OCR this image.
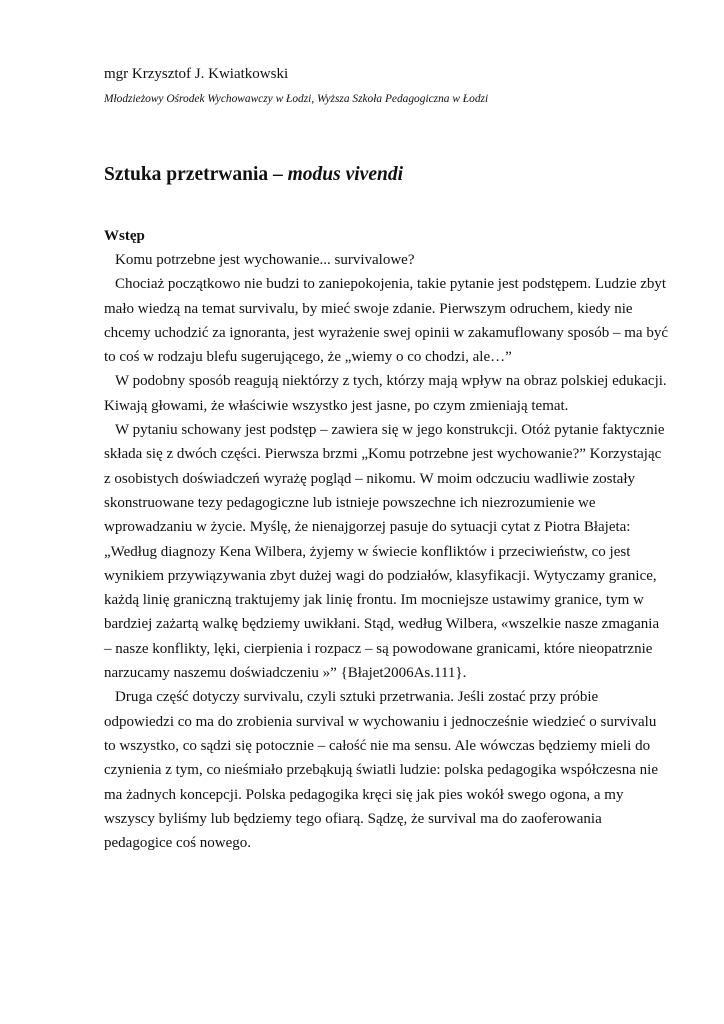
mgr Krzysztof J. Kwiatkowski

Młodzieżowy Ośrodek Wychowawczy w Łodzi, Wyższa Szkoła Pedagogiczna w Łodzi

Sztuka przetrwania – modus vivendi
Wstęp

Komu potrzebne jest wychowanie... survivalowe?

Chociaż początkowo nie budzi to zaniepokojenia, takie pytanie jest podstępem. Ludzie zbyt
mało wiedzą na temat survivalu, by mieć swoje zdanie. Pierwszym odruchem, kiedy nie
chcemy uchodzić za ignoranta, jest wyrażenie swej opinii w zakamuflowany sposób – ma być
to coś w rodzaju blefu sugerującego, że „wiemy o co chodzi, ale…”

W podobny sposób reagują niektórzy z tych, którzy mają wpływ na obraz polskiej edukacji.
Kiwają głowami, że właściwie wszystko jest jasne, po czym zmieniają temat.

W pytaniu schowany jest podstęp – zawiera się w jego konstrukcji. Otóż pytanie faktycznie
składa się z dwóch części. Pierwsza brzmi „Komu potrzebne jest wychowanie?” Korzystając
z osobistych doświadczeń wyrażę pogląd – nikomu. W moim odczuciu wadliwie zostały
skonstruowane tezy pedagogiczne lub istnieje powszechne ich niezrozumienie we
wprowadzaniu w życie. Myślę, że nienajgorzej pasuje do sytuacji cytat z Piotra Błajeta:
„Według diagnozy Kena Wilbera, żyjemy w świecie konfliktów i przeciwieństw, co jest
wynikiem przywiązywania zbyt dużej wagi do podziałów, klasyfikacji. Wytyczamy granice,
każdą linię graniczną traktujemy jak linię frontu. Im mocniejsze ustawimy granice, tym w
bardziej zażartą walkę będziemy uwikłani. Stąd, według Wilbera, «wszelkie nasze zmagania
– nasze konflikty, lęki, cierpienia i rozpacz – są powodowane granicami, które nieopatrznie
narzucamy naszemu doświadczeniu »” {Błajet2006As.111}.

Druga część dotyczy survivalu, czyli sztuki przetrwania. Jeśli zostać przy próbie
odpowiedzi co ma do zrobienia survival w wychowaniu i jednocześnie wiedzieć o survivalu
to wszystko, co sądzi się potocznie – całość nie ma sensu. Ale wówczas będziemy mieli do
czynienia z tym, co nieśmiało przebąkują światli ludzie: polska pedagogika współczesna nie
ma żadnych koncepcji. Polska pedagogika kręci się jak pies wokół swego ogona, a my
wszyscy byliśmy lub będziemy tego ofiarą. Sądzę, że survival ma do zaoferowania
pedagogice coś nowego.
